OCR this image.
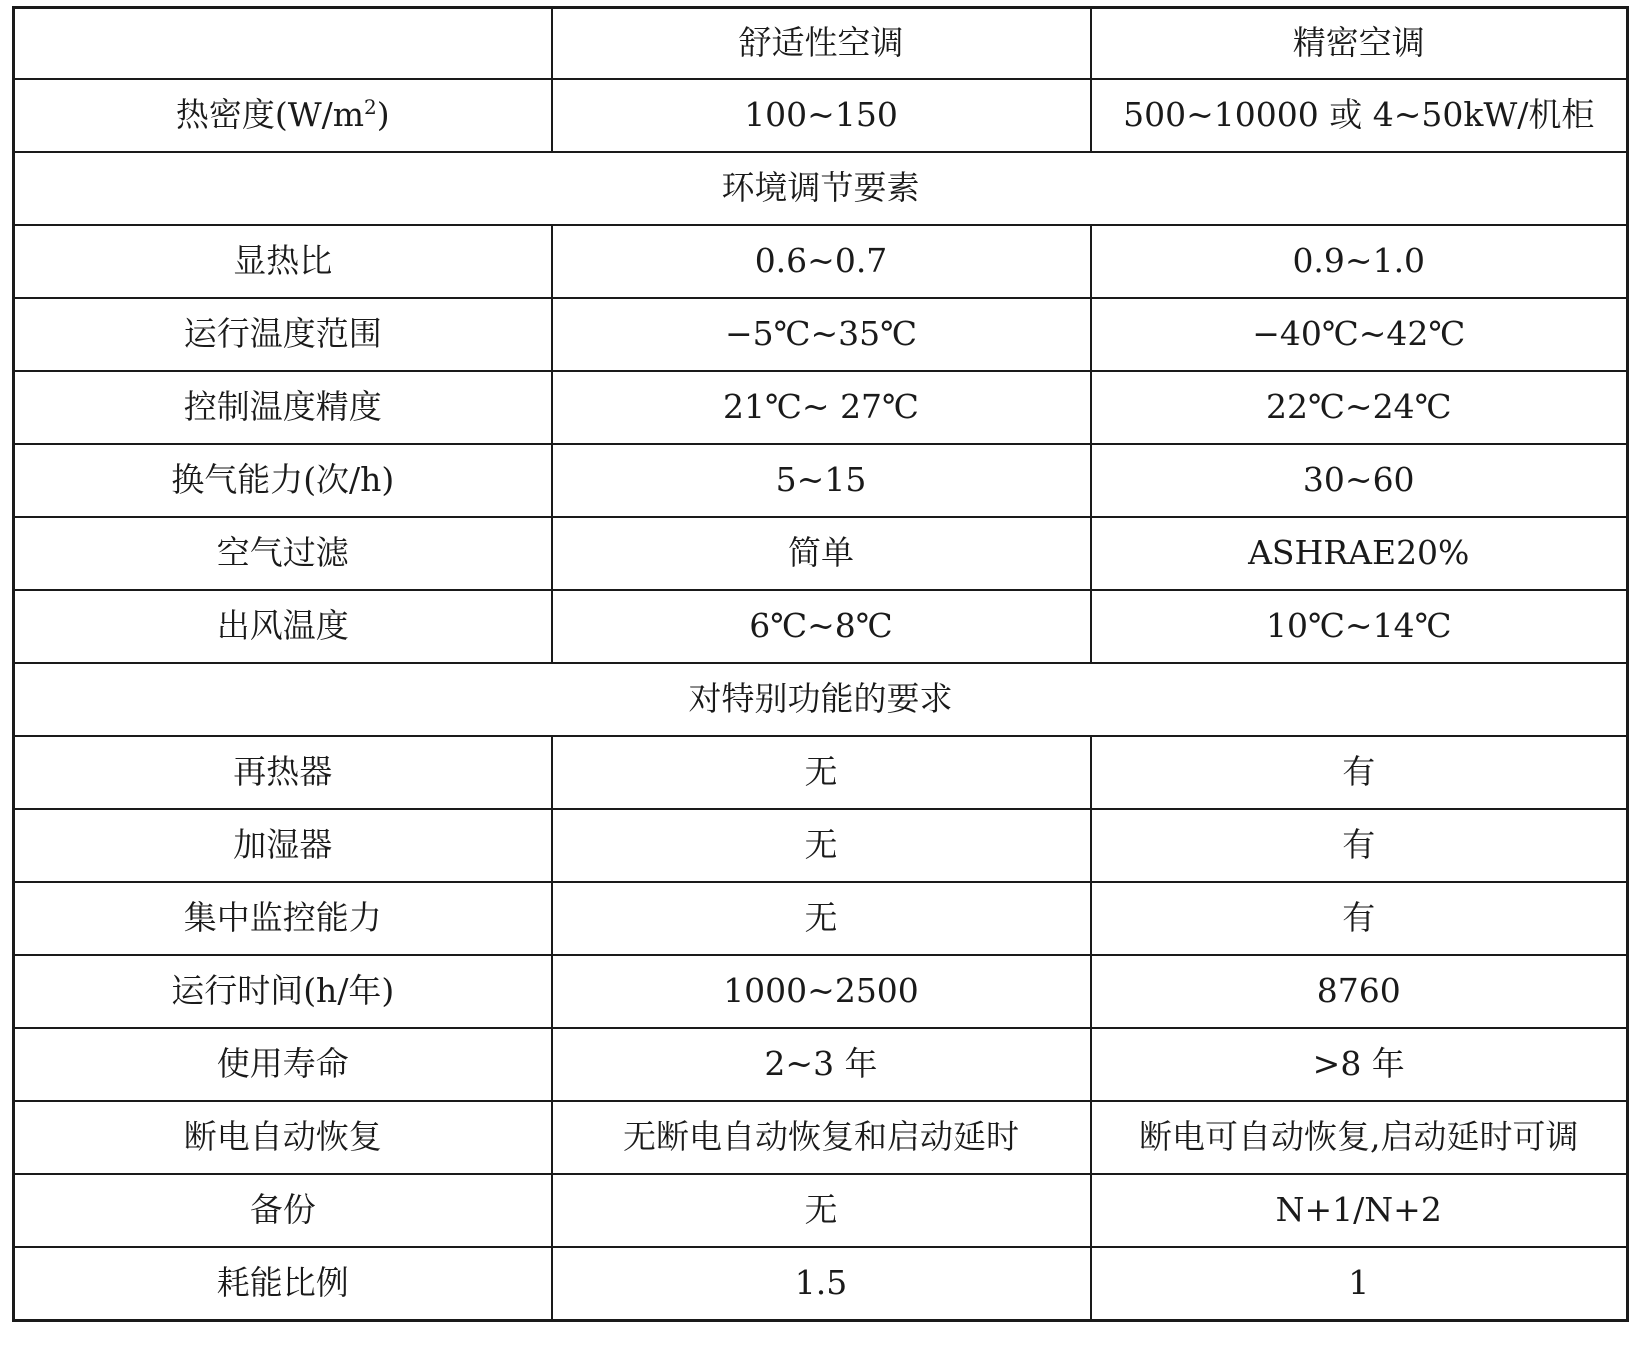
	舒适性空调	精密空调
热密度$(W/m^2)$	100~150	500~10000 或 4~50kW/机柜
环境调节要素		
显热比	0.6~0.7	0.9~1.0
运行温度范围	−5℃~35℃	−40℃~42℃
控制温度精度	21℃~ 27℃	22℃~24℃
换气能力(次/h)	5~15	30~60
空气过滤	简单	ASHRAE20%
出风温度	6℃~8℃	10℃~14℃
对特别功能的要求		
再热器	无	有
加湿器	无	有
集中监控能力	无	有
运行时间(h/年)	1000~2500	8760
使用寿命	2~3 年	>8 年
断电自动恢复	无断电自动恢复和启动延时	断电可自动恢复,启动延时可调
备份	无	N+1/N+2
耗能比例	1.5	1
